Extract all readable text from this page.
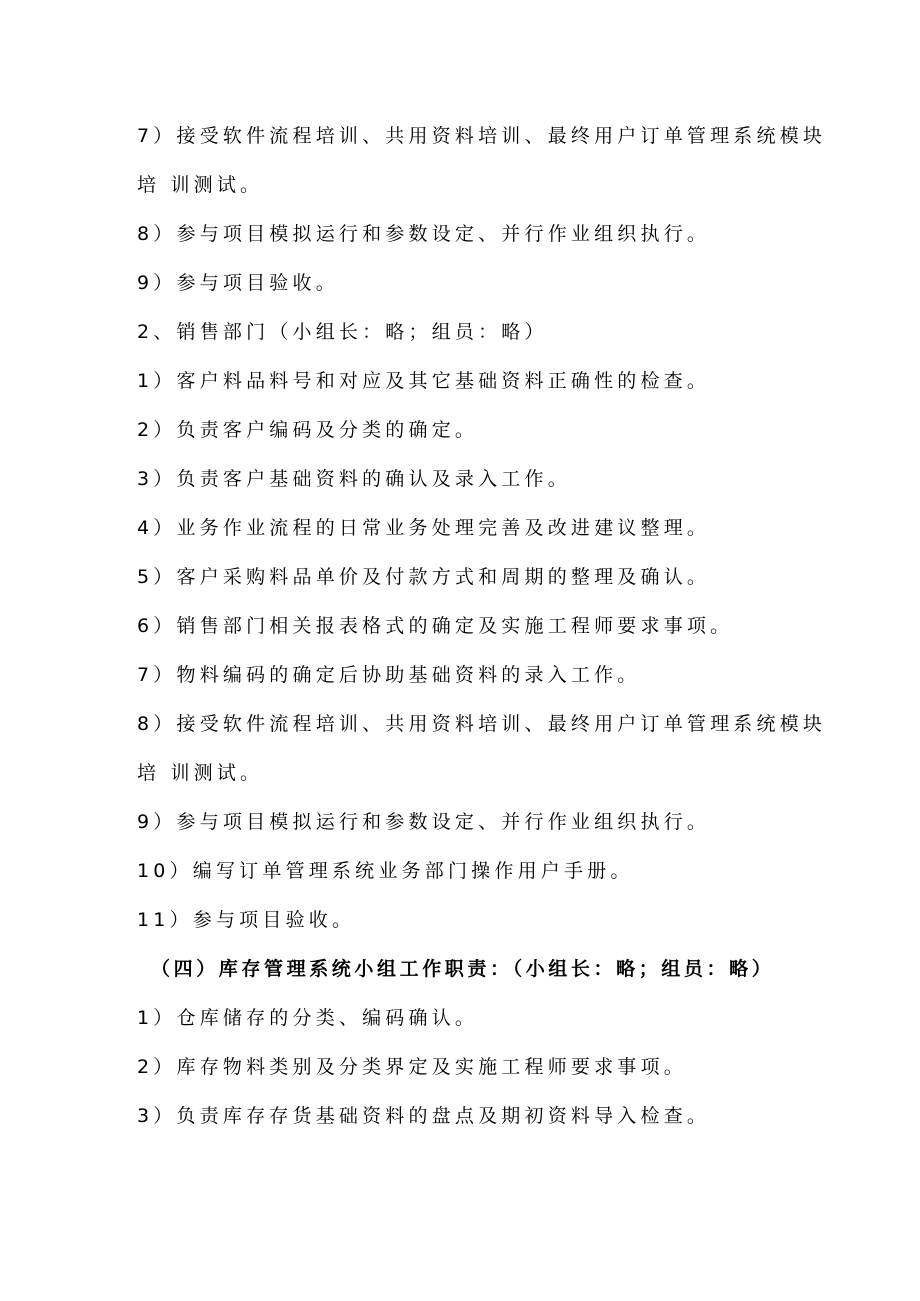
7）接受软件流程培训、共用资料培训、最终用户订单管理系统模块
培 训测试。
8）参与项目模拟运行和参数设定、并行作业组织执行。
9）参与项目验收。
2、销售部门（小组长：略；组员：略）
1）客户料品料号和对应及其它基础资料正确性的检查。
2）负责客户编码及分类的确定。
3）负责客户基础资料的确认及录入工作。
4）业务作业流程的日常业务处理完善及改进建议整理。
5）客户采购料品单价及付款方式和周期的整理及确认。
6）销售部门相关报表格式的确定及实施工程师要求事项。
7）物料编码的确定后协助基础资料的录入工作。
8）接受软件流程培训、共用资料培训、最终用户订单管理系统模块
培 训测试。
9）参与项目模拟运行和参数设定、并行作业组织执行。
10）编写订单管理系统业务部门操作用户手册。
11）参与项目验收。
（四）库存管理系统小组工作职责：（小组长：略；组员：略）
1）仓库储存的分类、编码确认。
2）库存物料类别及分类界定及实施工程师要求事项。
3）负责库存存货基础资料的盘点及期初资料导入检查。
